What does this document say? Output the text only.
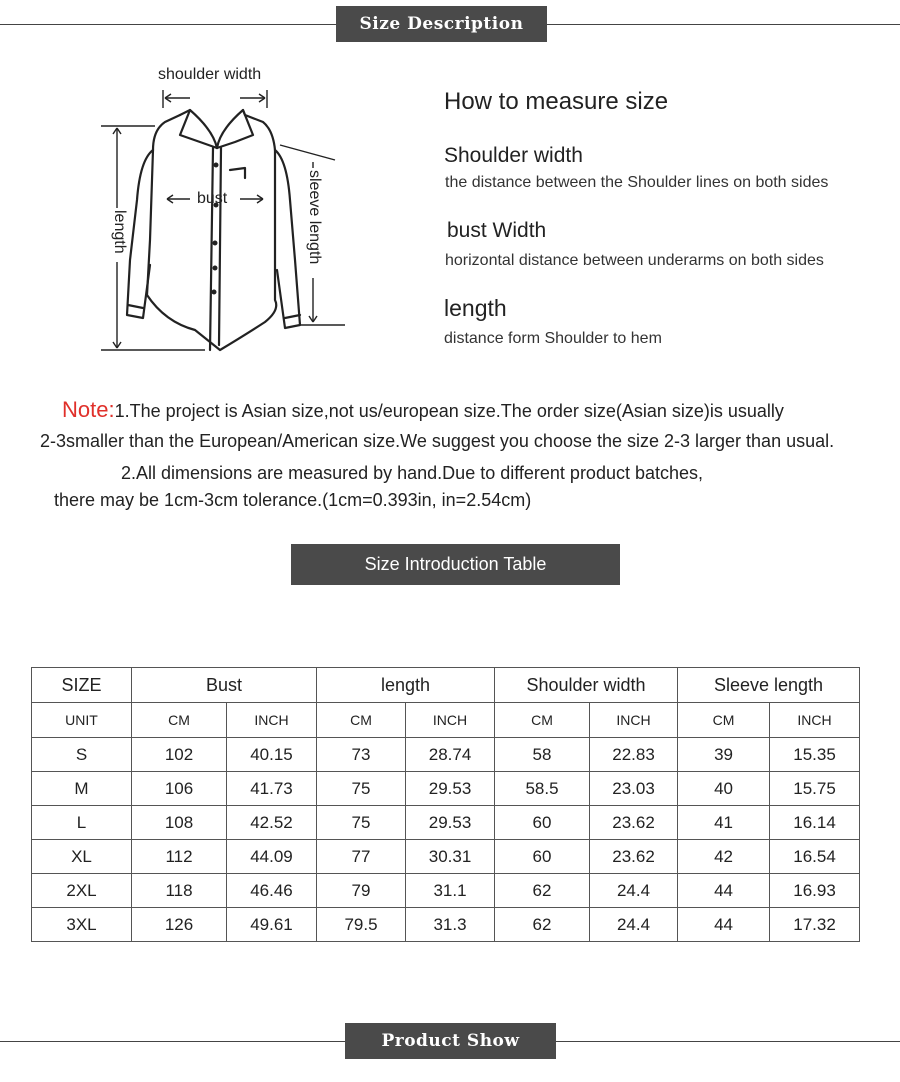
Size Description
shoulder width
bust
length	sleeve length
How to measure size
Shoulder width
the distance between the Shoulder lines on both sides
bust Width
horizontal distance between underarms on both sides
length
distance form Shoulder to hem
Note:1.The project is Asian size,not us/european size.The order size(Asian size)is usually
2-3smaller than the European/American size.We suggest you choose the size 2-3 larger than usual.
2.All dimensions are measured by hand.Due to different product batches,
there may be 1cm-3cm tolerance.(1cm=0.393in, in=2.54cm)
Size Introduction Table
SIZE	Bust		length		Shoulder width		Sleeve length	
UNIT	CM	INCH	CM	INCH	CM	INCH	CM	INCH
S	102	40.15	73	28.74	58	22.83	39	15.35
M	106	41.73	75	29.53	58.5	23.03	40	15.75
L	108	42.52	75	29.53	60	23.62	41	16.14
XL	112	44.09	77	30.31	60	23.62	42	16.54
2XL	118	46.46	79	31.1	62	24.4	44	16.93
3XL	126	49.61	79.5	31.3	62	24.4	44	17.32
Product Show
